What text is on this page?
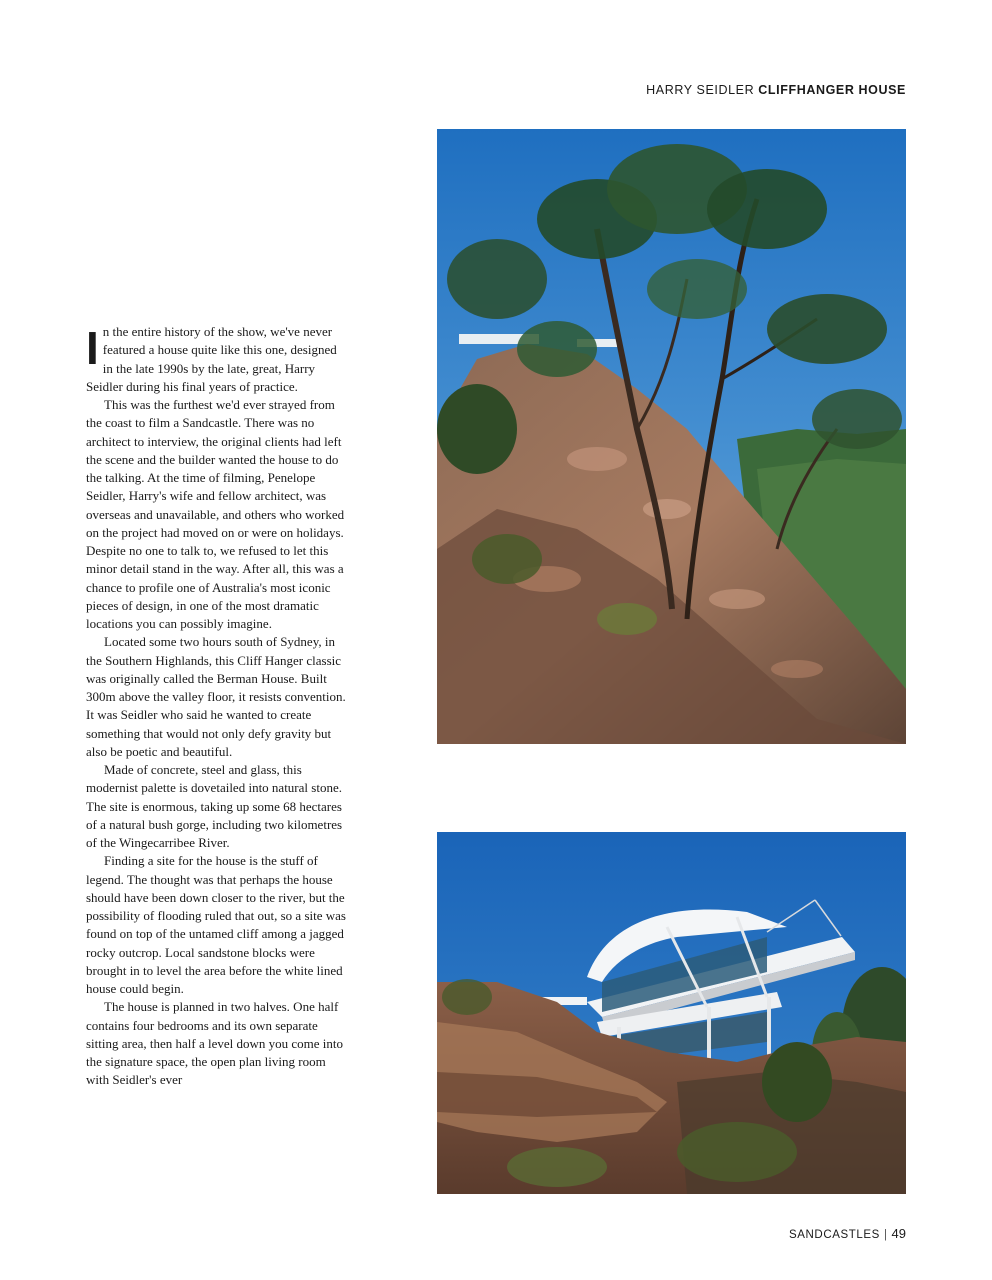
HARRY SEIDLER CLIFFHANGER HOUSE

In the entire history of the show, we've never featured a house quite like this one, designed in the late 1990s by the late, great, Harry Seidler during his final years of practice.

This was the furthest we'd ever strayed from the coast to film a Sandcastle. There was no architect to interview, the original clients had left the scene and the builder wanted the house to do the talking. At the time of filming, Penelope Seidler, Harry's wife and fellow architect, was overseas and unavailable, and others who worked on the project had moved on or were on holidays. Despite no one to talk to, we refused to let this minor detail stand in the way. After all, this was a chance to profile one of Australia's most iconic pieces of design, in one of the most dramatic locations you can possibly imagine.

Located some two hours south of Sydney, in the Southern Highlands, this Cliff Hanger classic was originally called the Berman House. Built 300m above the valley floor, it resists convention. It was Seidler who said he wanted to create something that would not only defy gravity but also be poetic and beautiful.

Made of concrete, steel and glass, this modernist palette is dovetailed into natural stone. The site is enormous, taking up some 68 hectares of a natural bush gorge, including two kilometres of the Wingecarribee River.

Finding a site for the house is the stuff of legend. The thought was that perhaps the house should have been down closer to the river, but the possibility of flooding ruled that out, so a site was found on top of the untamed cliff among a jagged rocky outcrop. Local sandstone blocks were brought in to level the area before the white lined house could begin.

The house is planned in two halves. One half contains four bedrooms and its own separate sitting area, then half a level down you come into the signature space, the open plan living room with Seidler's ever

SANDCASTLES | 49
